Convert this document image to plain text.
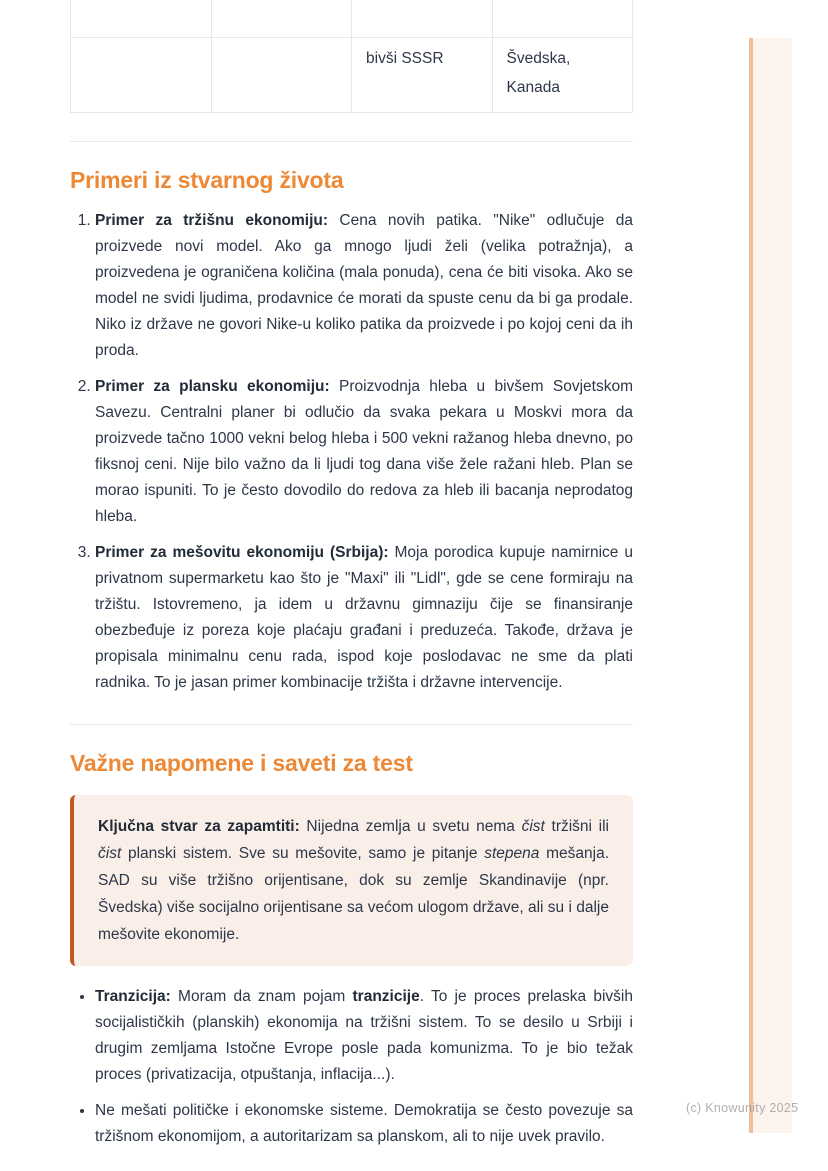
		bivši SSSR	Švedska, Kanada
Primeri iz stvarnog života
1. Primer za tržišnu ekonomiju: Cena novih patika. "Nike" odlučuje da proizvede novi model. Ako ga mnogo ljudi želi (velika potražnja), a proizvedena je ograničena količina (mala ponuda), cena će biti visoka. Ako se model ne svidi ljudima, prodavnice će morati da spuste cenu da bi ga prodale. Niko iz države ne govori Nike-u koliko patika da proizvede i po kojoj ceni da ih proda.
2. Primer za plansku ekonomiju: Proizvodnja hleba u bivšem Sovjetskom Savezu. Centralni planer bi odlučio da svaka pekara u Moskvi mora da proizvede tačno 1000 vekni belog hleba i 500 vekni ražanog hleba dnevno, po fiksnoj ceni. Nije bilo važno da li ljudi tog dana više žele ražani hleb. Plan se morao ispuniti. To je često dovodilo do redova za hleb ili bacanja neprodatog hleba.
3. Primer za mešovitu ekonomiju (Srbija): Moja porodica kupuje namirnice u privatnom supermarketu kao što je "Maxi" ili "Lidl", gde se cene formiraju na tržištu. Istovremeno, ja idem u državnu gimnaziju čije se finansiranje obezbeđuje iz poreza koje plaćaju građani i preduzeća. Takođe, država je propisala minimalnu cenu rada, ispod koje poslodavac ne sme da plati radnika. To je jasan primer kombinacije tržišta i državne intervencije.
Važne napomene i saveti za test
Ključna stvar za zapamtiti: Nijedna zemlja u svetu nema čist tržišni ili čist planski sistem. Sve su mešovite, samo je pitanje stepena mešanja. SAD su više tržišno orijentisane, dok su zemlje Skandinavije (npr. Švedska) više socijalno orijentisane sa većom ulogom države, ali su i dalje mešovite ekonomije.
• Tranzicija: Moram da znam pojam tranzicije. To je proces prelaska bivših socijalističkih (planskih) ekonomija na tržišni sistem. To se desilo u Srbiji i drugim zemljama Istočne Evrope posle pada komunizma. To je bio težak proces (privatizacija, otpuštanja, inflacija...).
• Ne mešati političke i ekonomske sisteme. Demokratija se često povezuje sa tržišnom ekonomijom, a autoritarizam sa planskom, ali to nije uvek pravilo.
(c) Knowunity 2025
